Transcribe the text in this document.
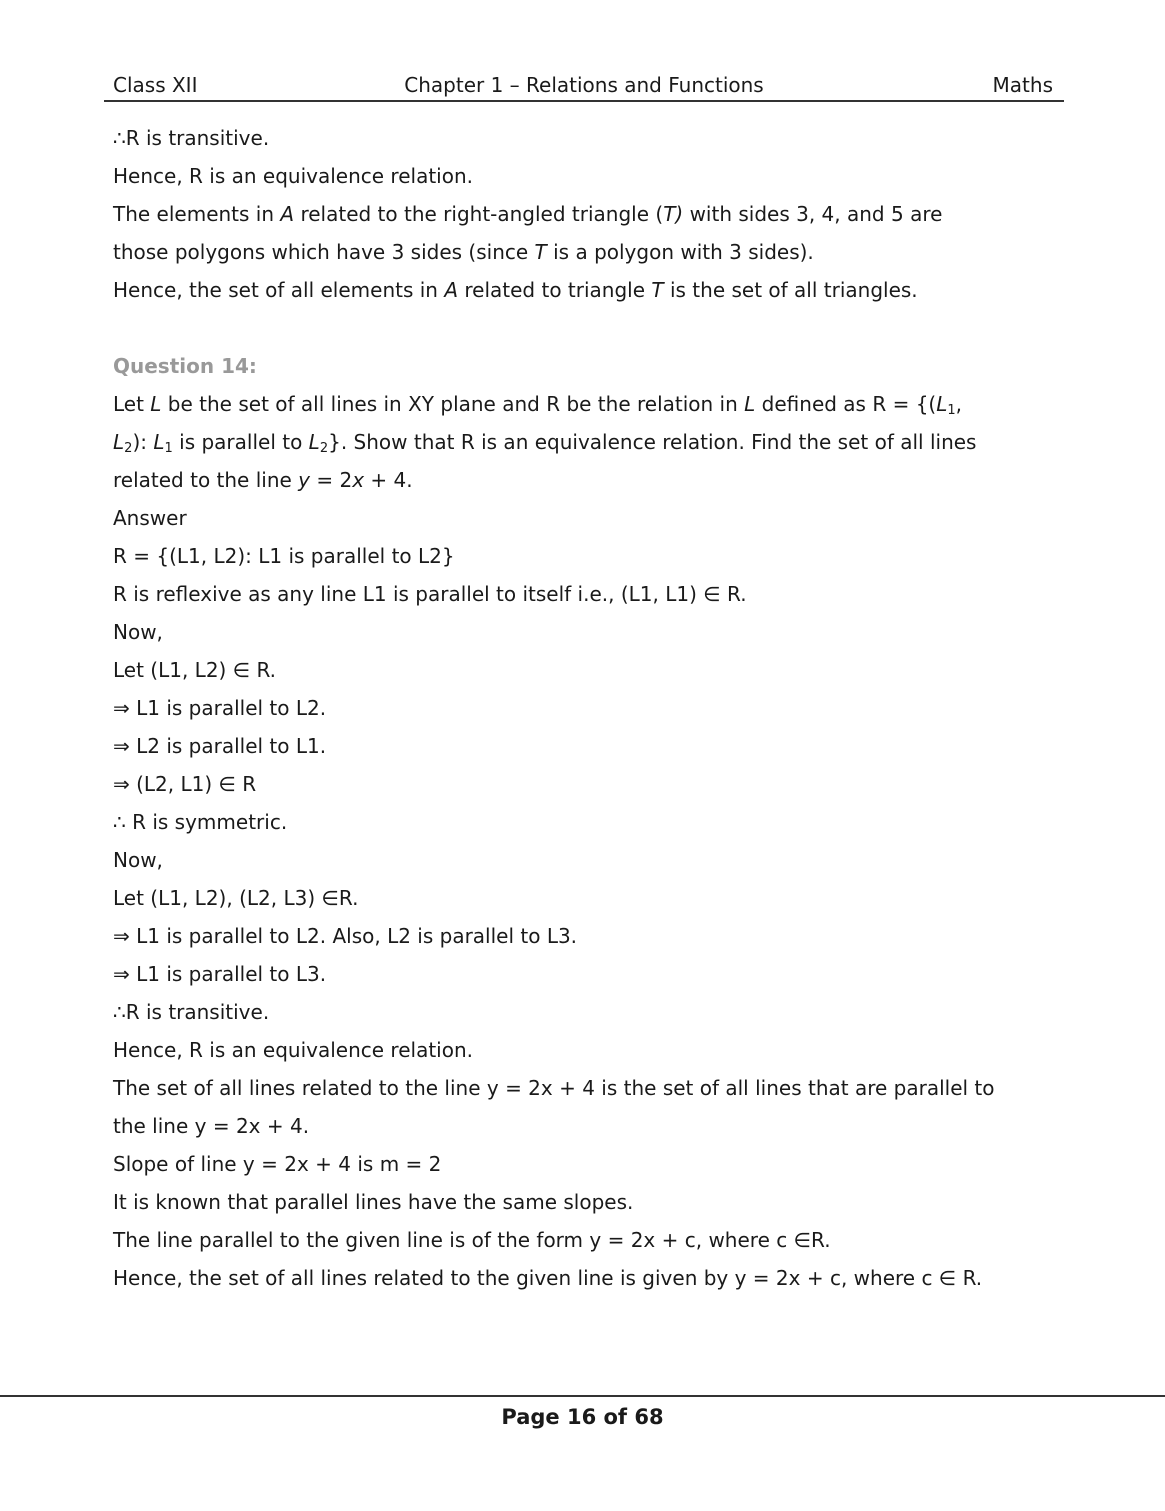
Class XII	Chapter 1 – Relations and Functions	Maths
∴R is transitive.
Hence, R is an equivalence relation.
The elements in A related to the right-angled triangle (T) with sides 3, 4, and 5 are
those polygons which have 3 sides (since T is a polygon with 3 sides).
Hence, the set of all elements in A related to triangle T is the set of all triangles.
Question 14:
Let L be the set of all lines in XY plane and R be the relation in L defined as $R = \{(L_1$,
$L_2$): $L_1$ is parallel to $L_2$}. Show that R is an equivalence relation. Find the set of all lines
related to the line y = 2x + 4.
Answer
R = {(L1, L2): L1 is parallel to L2}
R is reflexive as any line L1 is parallel to itself i.e., (L1, L1) ∈ R.
Now,
Let (L1, L2) ∈ R.
⇒ L1 is parallel to L2.
⇒ L2 is parallel to L1.
⇒ (L2, L1) ∈ R
∴ R is symmetric.
Now,
Let (L1, L2), (L2, L3) ∈R.
⇒ L1 is parallel to L2. Also, L2 is parallel to L3.
⇒ L1 is parallel to L3.
∴R is transitive.
Hence, R is an equivalence relation.
The set of all lines related to the line y = 2x + 4 is the set of all lines that are parallel to
the line y = 2x + 4.
Slope of line y = 2x + 4 is m = 2
It is known that parallel lines have the same slopes.
The line parallel to the given line is of the form y = 2x + c, where c ∈R.
Hence, the set of all lines related to the given line is given by y = 2x + c, where c ∈ R.
Page 16 of 68
